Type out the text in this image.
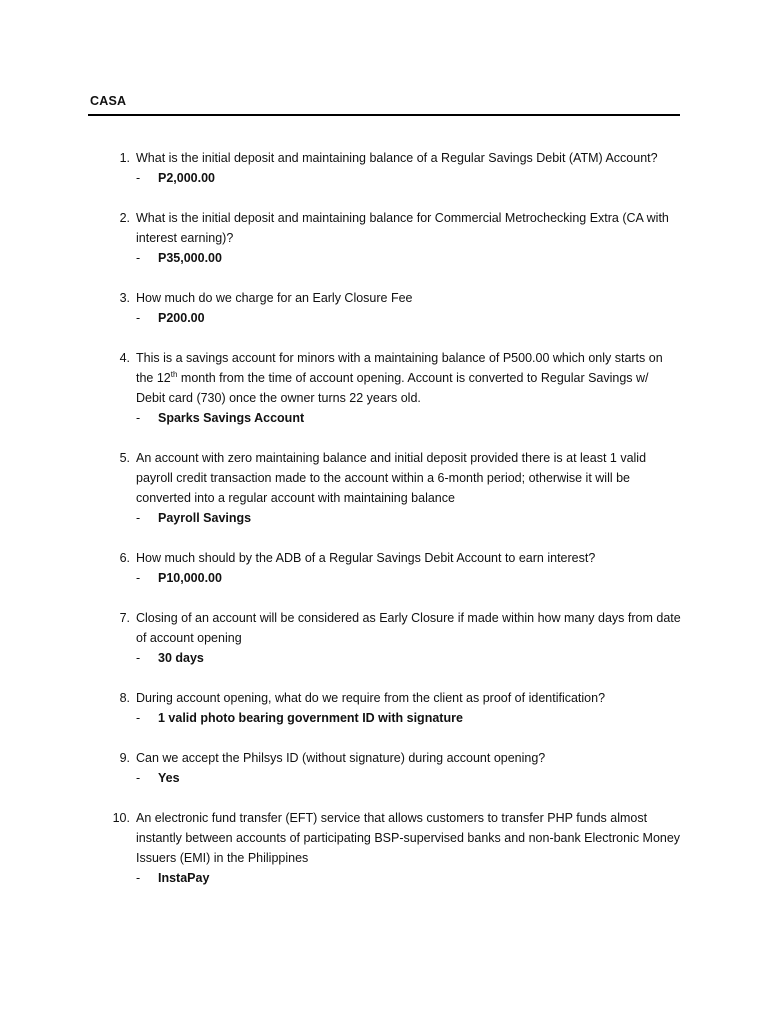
CASA
1. What is the initial deposit and maintaining balance of a Regular Savings Debit (ATM) Account?
- P2,000.00
2. What is the initial deposit and maintaining balance for Commercial Metrochecking Extra (CA with interest earning)?
- P35,000.00
3. How much do we charge for an Early Closure Fee
- P200.00
4. This is a savings account for minors with a maintaining balance of P500.00 which only starts on the 12th month from the time of account opening. Account is converted to Regular Savings w/ Debit card (730) once the owner turns 22 years old.
- Sparks Savings Account
5. An account with zero maintaining balance and initial deposit provided there is at least 1 valid payroll credit transaction made to the account within a 6-month period; otherwise it will be converted into a regular account with maintaining balance
- Payroll Savings
6. How much should by the ADB of a Regular Savings Debit Account to earn interest?
- P10,000.00
7. Closing of an account will be considered as Early Closure if made within how many days from date of account opening
- 30 days
8. During account opening, what do we require from the client as proof of identification?
- 1 valid photo bearing government ID with signature
9. Can we accept the Philsys ID (without signature) during account opening?
- Yes
10. An electronic fund transfer (EFT) service that allows customers to transfer PHP funds almost instantly between accounts of participating BSP-supervised banks and non-bank Electronic Money Issuers (EMI) in the Philippines
- InstaPay
